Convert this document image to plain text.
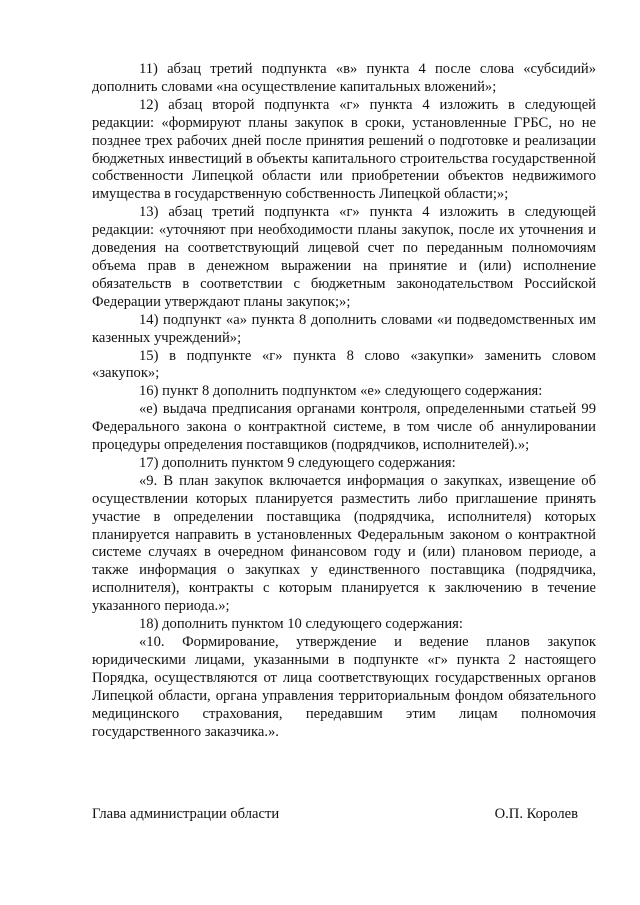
11) абзац третий подпункта «в» пункта 4 после слова «субсидий» дополнить словами «на осуществление капитальных вложений»;

12) абзац второй подпункта «г» пункта 4 изложить в следующей редакции: «формируют планы закупок в сроки, установленные ГРБС, но не позднее трех рабочих дней после принятия решений о подготовке и реализации бюджетных инвестиций в объекты капитального строительства государственной собственности Липецкой области или приобретении объектов недвижимого имущества в государственную собственность Липецкой области;»;

13) абзац третий подпункта «г» пункта 4 изложить в следующей редакции: «уточняют при необходимости планы закупок, после их уточнения и доведения на соответствующий лицевой счет по переданным полномочиям объема прав в денежном выражении на принятие и (или) исполнение обязательств в соответствии с бюджетным законодательством Российской Федерации утверждают планы закупок;»;

14) подпункт «а» пункта 8 дополнить словами «и подведомственных им казенных учреждений»;

15) в подпункте «г» пункта 8 слово «закупки» заменить словом «закупок»;

16) пункт 8 дополнить подпунктом «е» следующего содержания:

«е) выдача предписания органами контроля, определенными статьей 99 Федерального закона о контрактной системе, в том числе об аннулировании процедуры определения поставщиков (подрядчиков, исполнителей).»;

17) дополнить пунктом 9 следующего содержания:

«9. В план закупок включается информация о закупках, извещение об осуществлении которых планируется разместить либо приглашение принять участие в определении поставщика (подрядчика, исполнителя) которых планируется направить в установленных Федеральным законом о контрактной системе случаях в очередном финансовом году и (или) плановом периоде, а также информация о закупках у единственного поставщика (подрядчика, исполнителя), контракты с которым планируется к заключению в течение указанного периода.»;

18) дополнить пунктом 10 следующего содержания:

«10. Формирование, утверждение и ведение планов закупок юридическими лицами, указанными в подпункте «г» пункта 2 настоящего Порядка, осуществляются от лица соответствующих государственных органов Липецкой области, органа управления территориальным фондом обязательного медицинского страхования, передавшим этим лицам полномочия государственного заказчика.».

Глава администрации области	О.П. Королев
